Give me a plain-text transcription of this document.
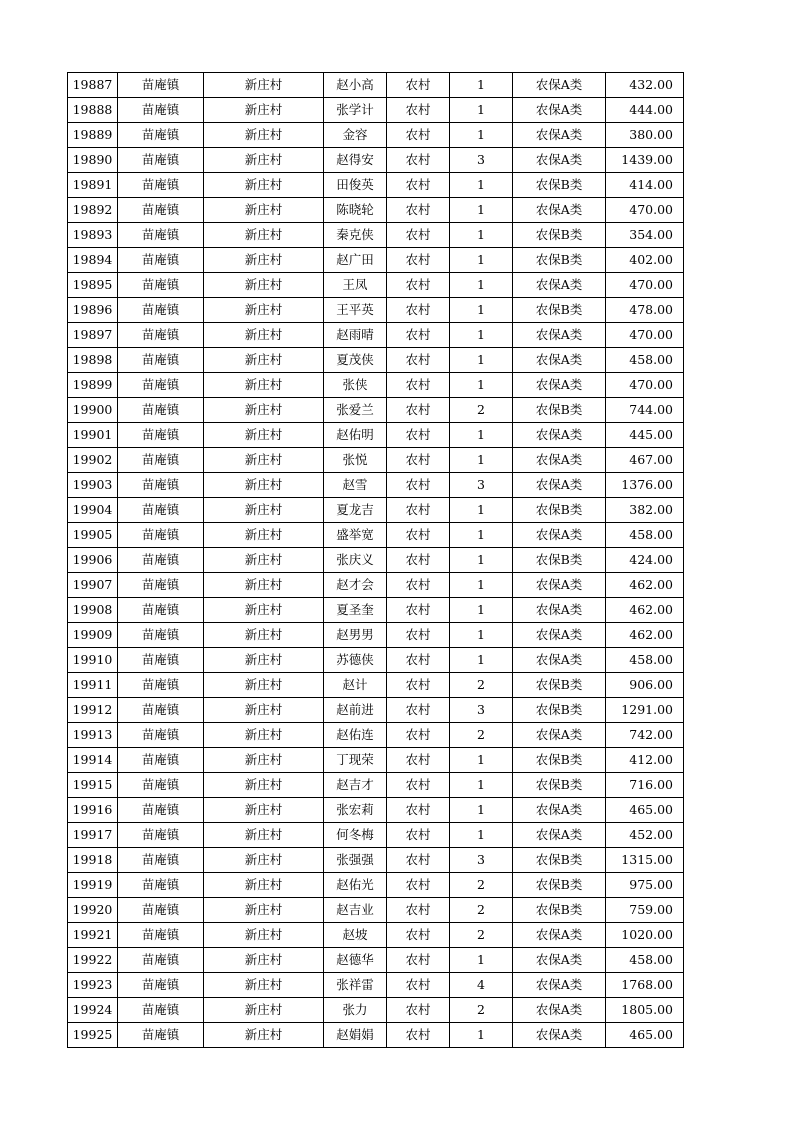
19887	苗庵镇	新庄村	赵小高	农村	1	农保A类	432.00
19888	苗庵镇	新庄村	张学计	农村	1	农保A类	444.00
19889	苗庵镇	新庄村	金容	农村	1	农保A类	380.00
19890	苗庵镇	新庄村	赵得安	农村	3	农保A类	1439.00
19891	苗庵镇	新庄村	田俊英	农村	1	农保B类	414.00
19892	苗庵镇	新庄村	陈晓轮	农村	1	农保A类	470.00
19893	苗庵镇	新庄村	秦克侠	农村	1	农保B类	354.00
19894	苗庵镇	新庄村	赵广田	农村	1	农保B类	402.00
19895	苗庵镇	新庄村	王凤	农村	1	农保A类	470.00
19896	苗庵镇	新庄村	王平英	农村	1	农保B类	478.00
19897	苗庵镇	新庄村	赵雨晴	农村	1	农保A类	470.00
19898	苗庵镇	新庄村	夏茂侠	农村	1	农保A类	458.00
19899	苗庵镇	新庄村	张侠	农村	1	农保A类	470.00
19900	苗庵镇	新庄村	张爱兰	农村	2	农保B类	744.00
19901	苗庵镇	新庄村	赵佑明	农村	1	农保A类	445.00
19902	苗庵镇	新庄村	张悦	农村	1	农保A类	467.00
19903	苗庵镇	新庄村	赵雪	农村	3	农保A类	1376.00
19904	苗庵镇	新庄村	夏龙吉	农村	1	农保B类	382.00
19905	苗庵镇	新庄村	盛举宽	农村	1	农保A类	458.00
19906	苗庵镇	新庄村	张庆义	农村	1	农保B类	424.00
19907	苗庵镇	新庄村	赵才会	农村	1	农保A类	462.00
19908	苗庵镇	新庄村	夏圣奎	农村	1	农保A类	462.00
19909	苗庵镇	新庄村	赵男男	农村	1	农保A类	462.00
19910	苗庵镇	新庄村	苏德侠	农村	1	农保A类	458.00
19911	苗庵镇	新庄村	赵计	农村	2	农保B类	906.00
19912	苗庵镇	新庄村	赵前进	农村	3	农保B类	1291.00
19913	苗庵镇	新庄村	赵佑连	农村	2	农保A类	742.00
19914	苗庵镇	新庄村	丁现荣	农村	1	农保B类	412.00
19915	苗庵镇	新庄村	赵吉才	农村	1	农保B类	716.00
19916	苗庵镇	新庄村	张宏莉	农村	1	农保A类	465.00
19917	苗庵镇	新庄村	何冬梅	农村	1	农保A类	452.00
19918	苗庵镇	新庄村	张强强	农村	3	农保B类	1315.00
19919	苗庵镇	新庄村	赵佑光	农村	2	农保B类	975.00
19920	苗庵镇	新庄村	赵吉业	农村	2	农保B类	759.00
19921	苗庵镇	新庄村	赵坡	农村	2	农保A类	1020.00
19922	苗庵镇	新庄村	赵德华	农村	1	农保A类	458.00
19923	苗庵镇	新庄村	张祥雷	农村	4	农保A类	1768.00
19924	苗庵镇	新庄村	张力	农村	2	农保A类	1805.00
19925	苗庵镇	新庄村	赵娟娟	农村	1	农保A类	465.00
